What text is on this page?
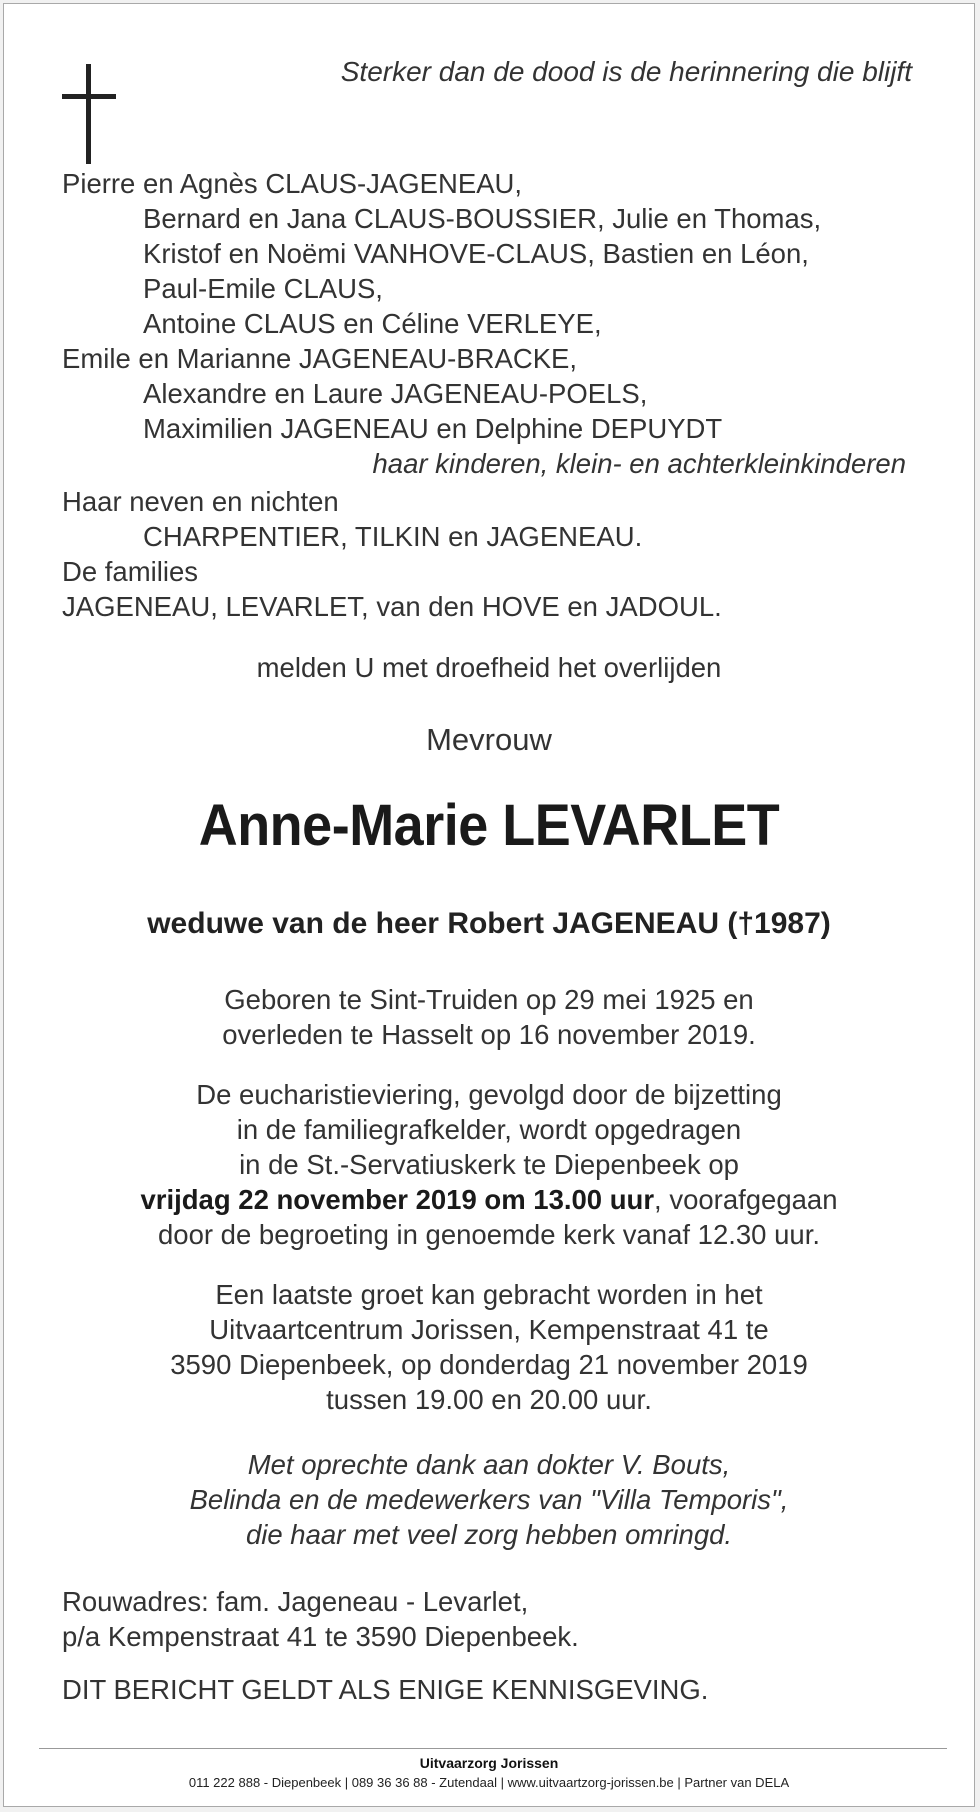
Sterker dan de dood is de herinnering die blijft
Pierre en Agnès CLAUS-JAGENEAU,
Bernard en Jana CLAUS-BOUSSIER, Julie en Thomas,
Kristof en Noëmi VANHOVE-CLAUS, Bastien en Léon,
Paul-Emile CLAUS,
Antoine CLAUS en Céline VERLEYE,
Emile en Marianne JAGENEAU-BRACKE,
Alexandre en Laure JAGENEAU-POELS,
Maximilien JAGENEAU en Delphine DEPUYDT
haar kinderen, klein- en achterkleinkinderen
Haar neven en nichten
CHARPENTIER, TILKIN en JAGENEAU.
De families
JAGENEAU, LEVARLET, van den HOVE en JADOUL.
melden U met droefheid het overlijden
Mevrouw
Anne-Marie LEVARLET
weduwe van de heer Robert JAGENEAU (†1987)
Geboren te Sint-Truiden op 29 mei 1925 en
overleden te Hasselt op 16 november 2019.
De eucharistieviering, gevolgd door de bijzetting
in de familiegrafkelder, wordt opgedragen
in de St.-Servatiuskerk te Diepenbeek op
vrijdag 22 november 2019 om 13.00 uur, voorafgegaan
door de begroeting in genoemde kerk vanaf 12.30 uur.
Een laatste groet kan gebracht worden in het
Uitvaartcentrum Jorissen, Kempenstraat 41 te
3590 Diepenbeek, op donderdag 21 november 2019
tussen 19.00 en 20.00 uur.
Met oprechte dank aan dokter V. Bouts,
Belinda en de medewerkers van "Villa Temporis",
die haar met veel zorg hebben omringd.
Rouwadres: fam. Jageneau - Levarlet,
p/a Kempenstraat 41 te 3590 Diepenbeek.
DIT BERICHT GELDT ALS ENIGE KENNISGEVING.
Uitvaarzorg Jorissen
011 222 888 - Diepenbeek | 089 36 36 88 - Zutendaal | www.uitvaartzorg-jorissen.be | Partner van DELA
